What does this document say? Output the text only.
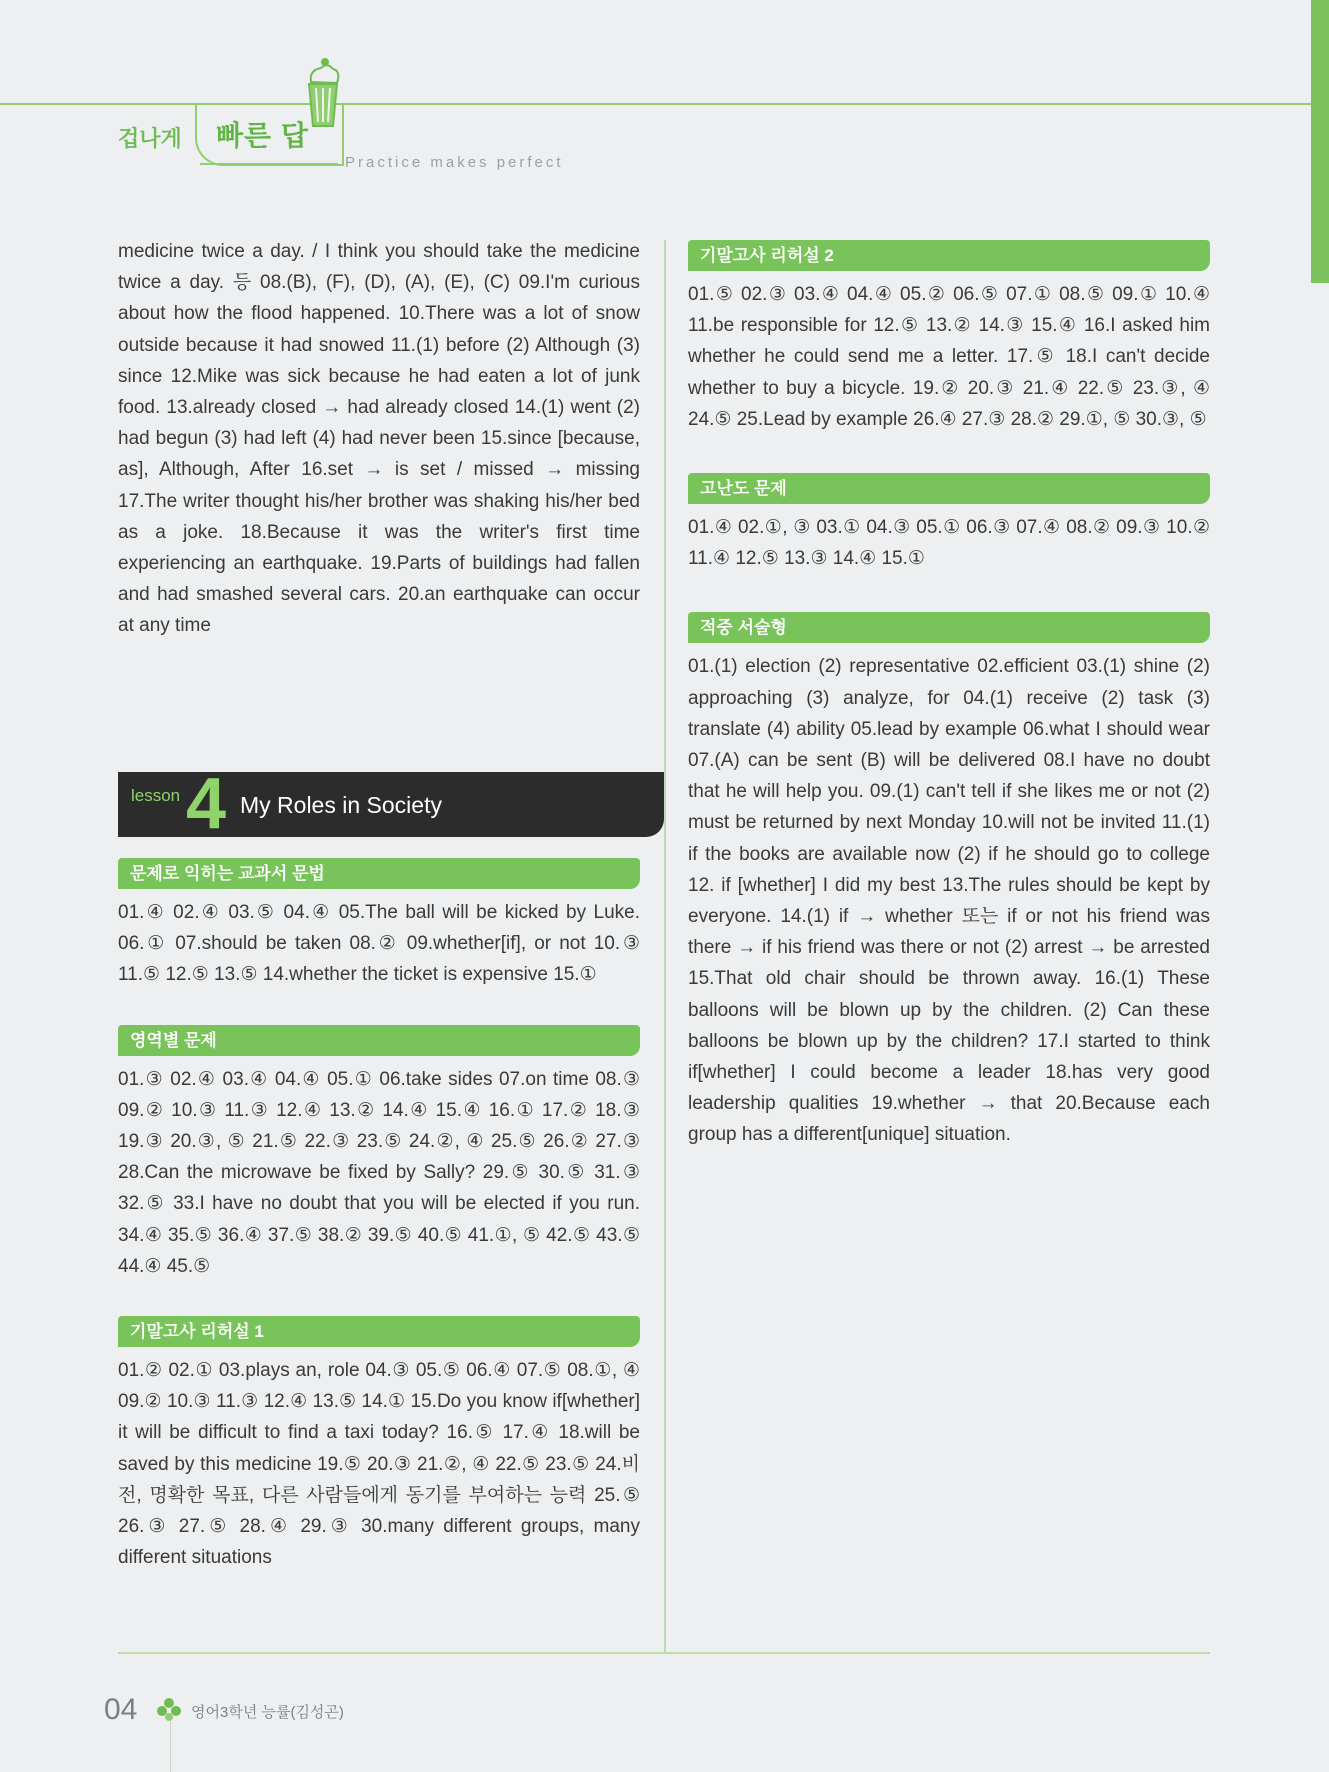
겁나게 빠른 답
Practice makes perfect

medicine twice a day. / I think you should take the medicine twice a day. 등 08.(B), (F), (D), (A), (E), (C) 09.I'm curious about how the flood happened. 10.There was a lot of snow outside because it had snowed 11.(1) before (2) Although (3) since 12.Mike was sick because he had eaten a lot of junk food. 13.already closed → had already closed 14.(1) went (2) had begun (3) had left (4) had never been 15.since [because, as], Although, After 16.set → is set / missed → missing 17.The writer thought his/her brother was shaking his/her bed as a joke. 18.Because it was the writer's first time experiencing an earthquake. 19.Parts of buildings had fallen and had smashed several cars. 20.an earthquake can occur at any time

lesson 4 My Roles in Society
문제로 익히는 교과서 문법

01.④ 02.④ 03.⑤ 04.④ 05.The ball will be kicked by Luke. 06.① 07.should be taken 08.② 09.whether[if], or not 10.③ 11.⑤ 12.⑤ 13.⑤ 14.whether the ticket is expensive 15.①

영역별 문제

01.③ 02.④ 03.④ 04.④ 05.① 06.take sides 07.on time 08.③ 09.② 10.③ 11.③ 12.④ 13.② 14.④ 15.④ 16.① 17.② 18.③ 19.③ 20.③, ⑤ 21.⑤ 22.③ 23.⑤ 24.②, ④ 25.⑤ 26.② 27.③ 28.Can the microwave be fixed by Sally? 29.⑤ 30.⑤ 31.③ 32.⑤ 33.I have no doubt that you will be elected if you run. 34.④ 35.⑤ 36.④ 37.⑤ 38.② 39.⑤ 40.⑤ 41.①, ⑤ 42.⑤ 43.⑤ 44.④ 45.⑤

기말고사 리허설 1

01.② 02.① 03.plays an, role 04.③ 05.⑤ 06.④ 07.⑤ 08.①, ④ 09.② 10.③ 11.③ 12.④ 13.⑤ 14.① 15.Do you know if[whether] it will be difficult to find a taxi today? 16.⑤ 17.④ 18.will be saved by this medicine 19.⑤ 20.③ 21.②, ④ 22.⑤ 23.⑤ 24.비전, 명확한 목표, 다른 사람들에게 동기를 부여하는 능력 25.⑤ 26.③ 27.⑤ 28.④ 29.③ 30.many different groups, many different situations

기말고사 리허설 2

01.⑤ 02.③ 03.④ 04.④ 05.② 06.⑤ 07.① 08.⑤ 09.① 10.④ 11.be responsible for 12.⑤ 13.② 14.③ 15.④ 16.I asked him whether he could send me a letter. 17.⑤ 18.I can't decide whether to buy a bicycle. 19.② 20.③ 21.④ 22.⑤ 23.③, ④ 24.⑤ 25.Lead by example 26.④ 27.③ 28.② 29.①, ⑤ 30.③, ⑤

고난도 문제

01.④ 02.①, ③ 03.① 04.③ 05.① 06.③ 07.④ 08.② 09.③ 10.② 11.④ 12.⑤ 13.③ 14.④ 15.①

적중 서술형

01.(1) election (2) representative 02.efficient 03.(1) shine (2) approaching (3) analyze, for 04.(1) receive (2) task (3) translate (4) ability 05.lead by example 06.what I should wear 07.(A) can be sent (B) will be delivered 08.I have no doubt that he will help you. 09.(1) can't tell if she likes me or not (2) must be returned by next Monday 10.will not be invited 11.(1) if the books are available now (2) if he should go to college 12. if [whether] I did my best 13.The rules should be kept by everyone. 14.(1) if → whether 또는 if or not his friend was there → if his friend was there or not (2) arrest → be arrested 15.That old chair should be thrown away. 16.(1) These balloons will be blown up by the children. (2) Can these balloons be blown up by the children? 17.I started to think if[whether] I could become a leader 18.has very good leadership qualities 19.whether → that 20.Because each group has a different[unique] situation.

04	영어3학년 능률(김성곤)
